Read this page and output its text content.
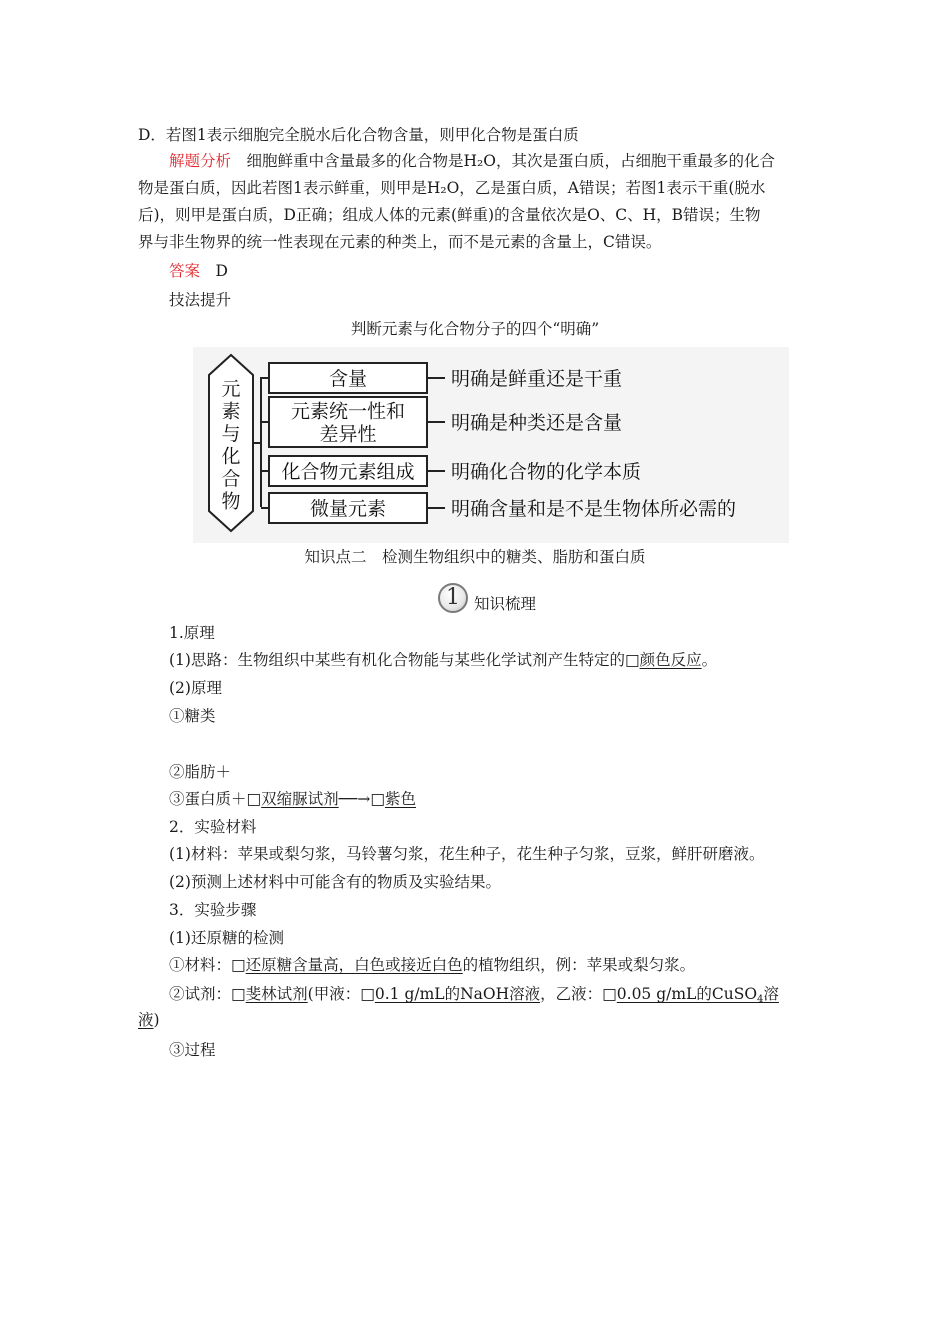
D．若图1表示细胞完全脱水后化合物含量，则甲化合物是蛋白质
解题分析　 细胞鲜重中含量最多的化合物是H₂O，其次是蛋白质，占细胞干重最多的化合
物是蛋白质，因此若图1表示鲜重，则甲是H₂O，乙是蛋白质，A错误；若图1表示干重(脱水
后)，则甲是蛋白质，D正确；组成人体的元素(鲜重)的含量依次是O、C、H，B错误；生物
界与非生物界的统一性表现在元素的种类上，而不是元素的含量上，C错误。
答案　 D
技法提升
判断元素与化合物分子的四个“明确”
元
素
与
化
合
物
含量	明确是鲜重还是干重
元素统一性和
差异性
明确是种类还是含量
化合物元素组成 明确化合物的化学本质
微量元素	明确含量和是不是生物体所必需的
知识点二　检测生物组织中的糖类、脂肪和蛋白质
1 知识梳理
1.原理
(1)思路：生物组织中某些有机化合物能与某些化学试剂产生特定的□颜色反应。
(2)原理
①糖类
②脂肪＋
③蛋白质＋□双缩脲试剂──→□紫色
2．实验材料
(1)材料：苹果或梨匀浆，马铃薯匀浆，花生种子，花生种子匀浆，豆浆，鲜肝研磨液。
(2)预测上述材料中可能含有的物质及实验结果。
3．实验步骤
(1)还原糖的检测
①材料：□还原糖含量高，白色或接近白色的植物组织，例：苹果或梨匀浆。
②试剂：□斐林试剂(甲液：□0.1 g/mL的NaOH溶液，乙液：□0.05 g/mL的CuSO$_4$溶
液)
③过程
